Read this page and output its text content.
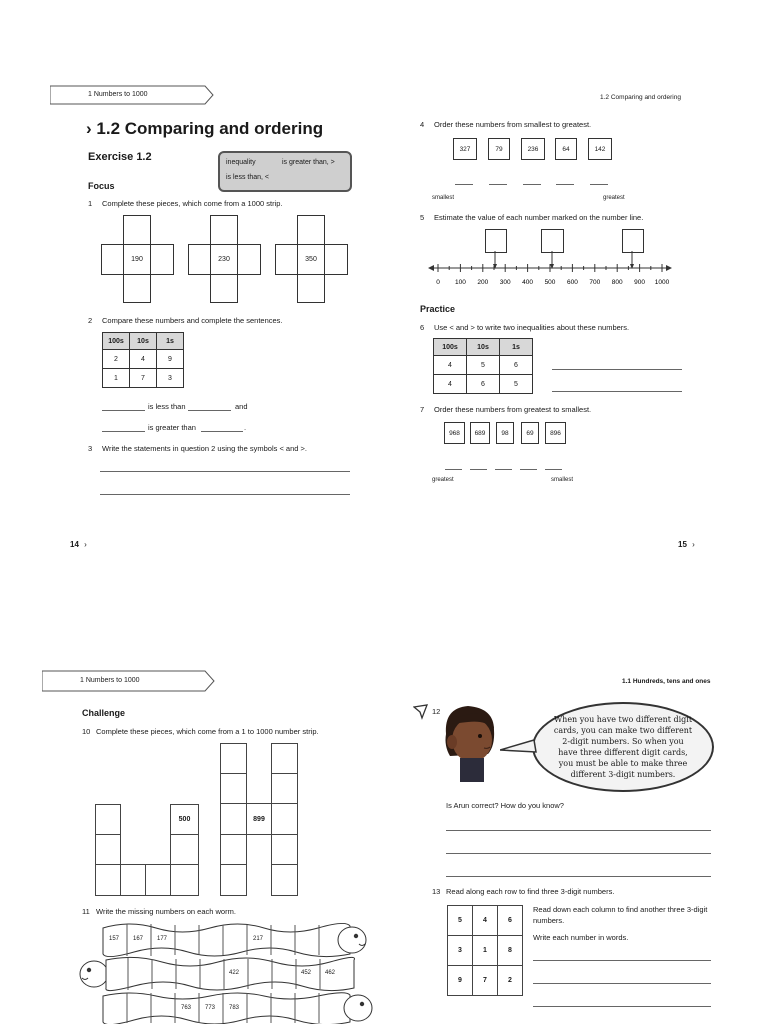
1 Numbers to 1000
› 1.2 Comparing and ordering
Exercise 1.2	inequality	is greater than, >
is less than, <
Focus
1 Complete these pieces, which come from a 1000 strip.
190	230	350
2 Compare these numbers and complete the sentences.
100s	10s	1s
2	4	9
1	7	3
is less than	and
is greater than	.
3 Write the statements in question 2 using the symbols < and >.
14 ›
1.2 Comparing and ordering
4 Order these numbers from smallest to greatest.
327	79	236	64	142
smallest	greatest
5 Estimate the value of each number marked on the number line.
0 100 200 300 400 500 600 700 800 900 1000
Practice
6 Use < and > to write two inequalities about these numbers.
100s	10s	1s
4	5	6
4	6	5
7 Order these numbers from greatest to smallest.
968	689	98	69	896
greatest	smallest
15 ›
1 Numbers to 1000
Challenge
10 Complete these pieces, which come from a 1 to 1000 number strip.
500	899
11 Write the missing numbers on each worm.
157 167 177	217
422	452 462
763 773 783
1.1 Hundreds, tens and ones
12
When you have two different digit cards, you can make two different 2-digit numbers. So when you have three different digit cards, you must be able to make three different 3-digit numbers.
Is Arun correct? How do you know?
13 Read along each row to find three 3-digit numbers.
5	4	6
3	1	8
9	7	2
Read down each column to find another three 3-digit numbers.
Write each number in words.
